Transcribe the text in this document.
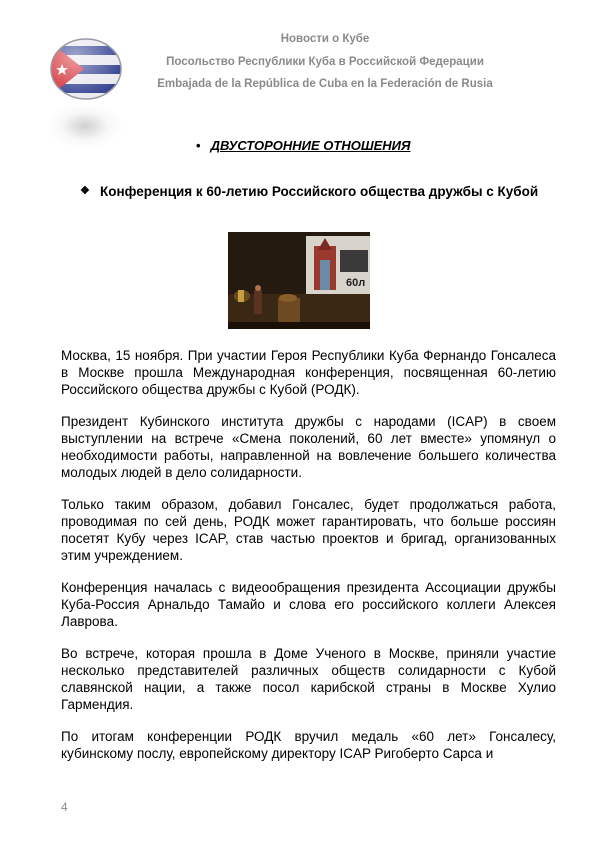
Новости о Кубе
Посольство Республики Куба в Российской Федерации
Embajada de la República de Cuba en la Federación de Rusia
• ДВУСТОРОННИЕ ОТНОШЕНИЯ
❖ Конференция к 60-летию Российского общества дружбы с Кубой
60л

Москва, 15 ноября. При участии Героя Республики Куба Фернандо Гонсалеса в Москве прошла Международная конференция, посвященная 60-летию Российского общества дружбы с Кубой (РОДК).

Президент Кубинского института дружбы с народами (ICAP) в своем выступлении на встрече «Смена поколений, 60 лет вместе» упомянул о необходимости работы, направленной на вовлечение большего количества молодых людей в дело солидарности.

Только таким образом, добавил Гонсалес, будет продолжаться работа, проводимая по сей день, РОДК может гарантировать, что больше россиян посетят Кубу через ICAP, став частью проектов и бригад, организованных этим учреждением.

Конференция началась с видеообращения президента Ассоциации дружбы Куба-Россия Арнальдо Тамайо и слова его российского коллеги Алексея Лаврова.

Во встрече, которая прошла в Доме Ученого в Москве, приняли участие несколько представителей различных обществ солидарности с Кубой славянской нации, а также посол карибской страны в Москве Хулио Гармендия.

По итогам конференции РОДК вручил медаль «60 лет» Гонсалесу, кубинскому послу, европейскому директору ICAP Ригоберто Сарса и

4
